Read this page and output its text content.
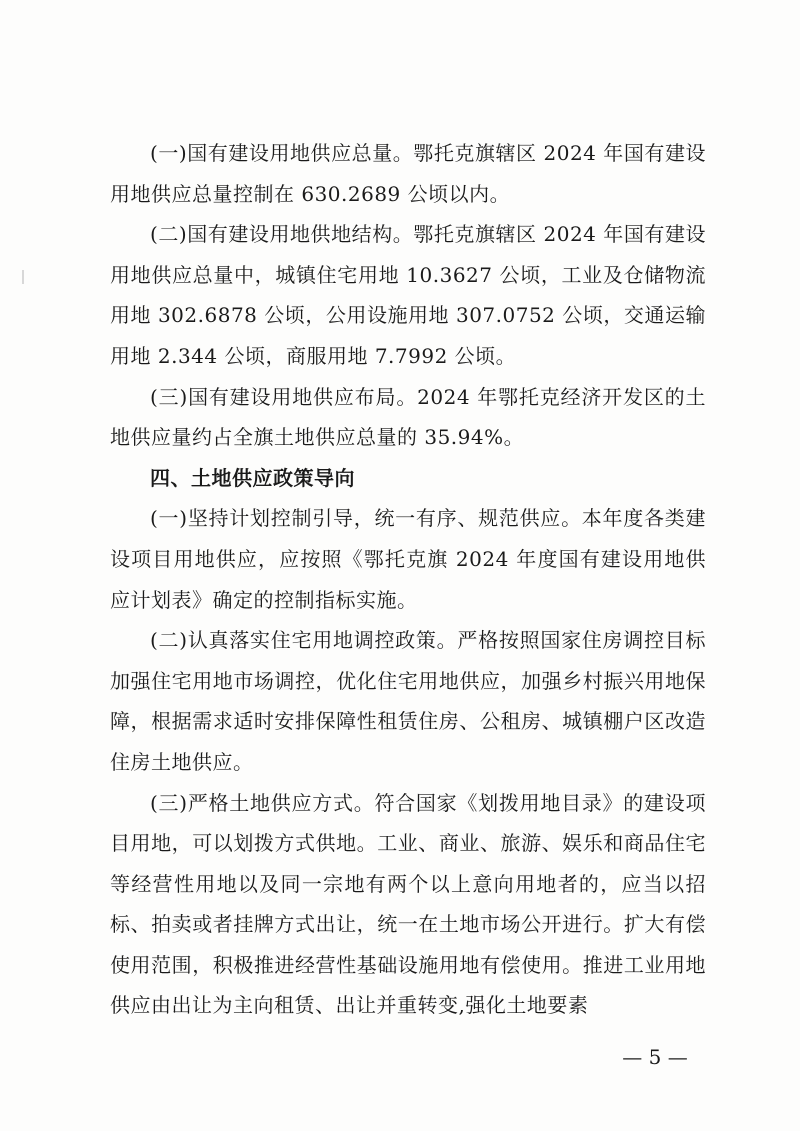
(一)国有建设用地供应总量。鄂托克旗辖区 2024 年国有建设用地供应总量控制在 630.2689 公顷以内。

(二)国有建设用地供地结构。鄂托克旗辖区 2024 年国有建设用地供应总量中，城镇住宅用地 10.3627 公顷，工业及仓储物流用地 302.6878 公顷，公用设施用地 307.0752 公顷，交通运输用地 2.344 公顷，商服用地 7.7992 公顷。

(三)国有建设用地供应布局。2024 年鄂托克经济开发区的土地供应量约占全旗土地供应总量的 35.94%。

四、土地供应政策导向

(一)坚持计划控制引导，统一有序、规范供应。本年度各类建设项目用地供应，应按照《鄂托克旗 2024 年度国有建设用地供应计划表》确定的控制指标实施。

(二)认真落实住宅用地调控政策。严格按照国家住房调控目标加强住宅用地市场调控，优化住宅用地供应，加强乡村振兴用地保障，根据需求适时安排保障性租赁住房、公租房、城镇棚户区改造住房土地供应。

(三)严格土地供应方式。符合国家《划拨用地目录》的建设项目用地，可以划拨方式供地。工业、商业、旅游、娱乐和商品住宅等经营性用地以及同一宗地有两个以上意向用地者的，应当以招标、拍卖或者挂牌方式出让，统一在土地市场公开进行。扩大有偿使用范围，积极推进经营性基础设施用地有偿使用。推进工业用地供应由出让为主向租赁、出让并重转变,强化土地要素

— 5 —
